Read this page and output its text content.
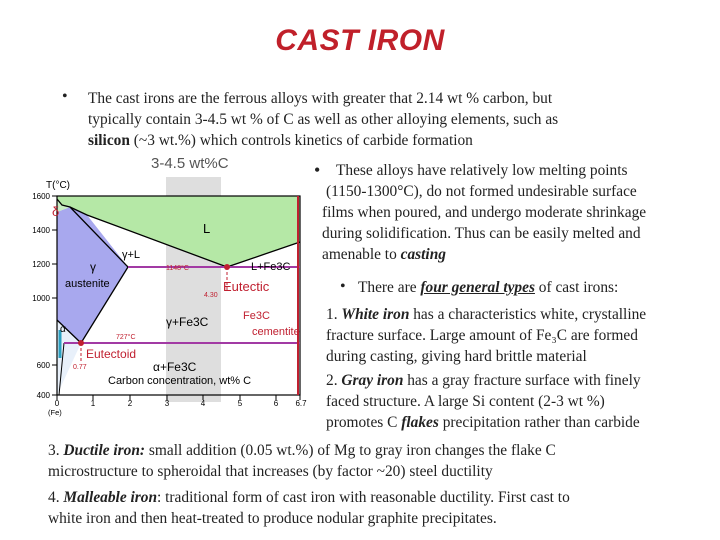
CAST IRON
• The cast irons are the ferrous alloys with greater that 2.14 wt % carbon, but
typically contain 3-4.5 wt % of C as well as other alloying elements, such as
silicon (~3 wt.%) which controls kinetics of carbide formation
1600
1400
1200
1000
600
400
0	1	2	3	4	5	6 6.7
(Fe)
T(°C)
3-4.5 wt%C
δ
L
γ+L
γ
austenite
1148°C	L+Fe3C
4.30
Eutectic
γ+Fe3C	Fe3C
cementite
α
727°C
Eutectoid
0.77	α+Fe3C
Carbon concentration, wt% C
•	These alloys have relatively low melting points
(1150-1300°C), do not formed undesirable surface
films when poured, and undergo moderate shrinkage
during solidification. Thus can be easily melted and
amenable to casting
• There are four general types of cast irons:
1. White iron has a characteristics white, crystalline
fracture surface. Large amount of Fe₃C are formed
during casting, giving hard brittle material
2. Gray iron has a gray fracture surface with finely
faced structure. A large Si content (2-3 wt %)
promotes C flakes precipitation rather than carbide
3. Ductile iron: small addition (0.05 wt.%) of Mg to gray iron changes the flake C
microstructure to spheroidal that increases (by factor ~20) steel ductility
4. Malleable iron: traditional form of cast iron with reasonable ductility. First cast to
white iron and then heat-treated to produce nodular graphite precipitates.
